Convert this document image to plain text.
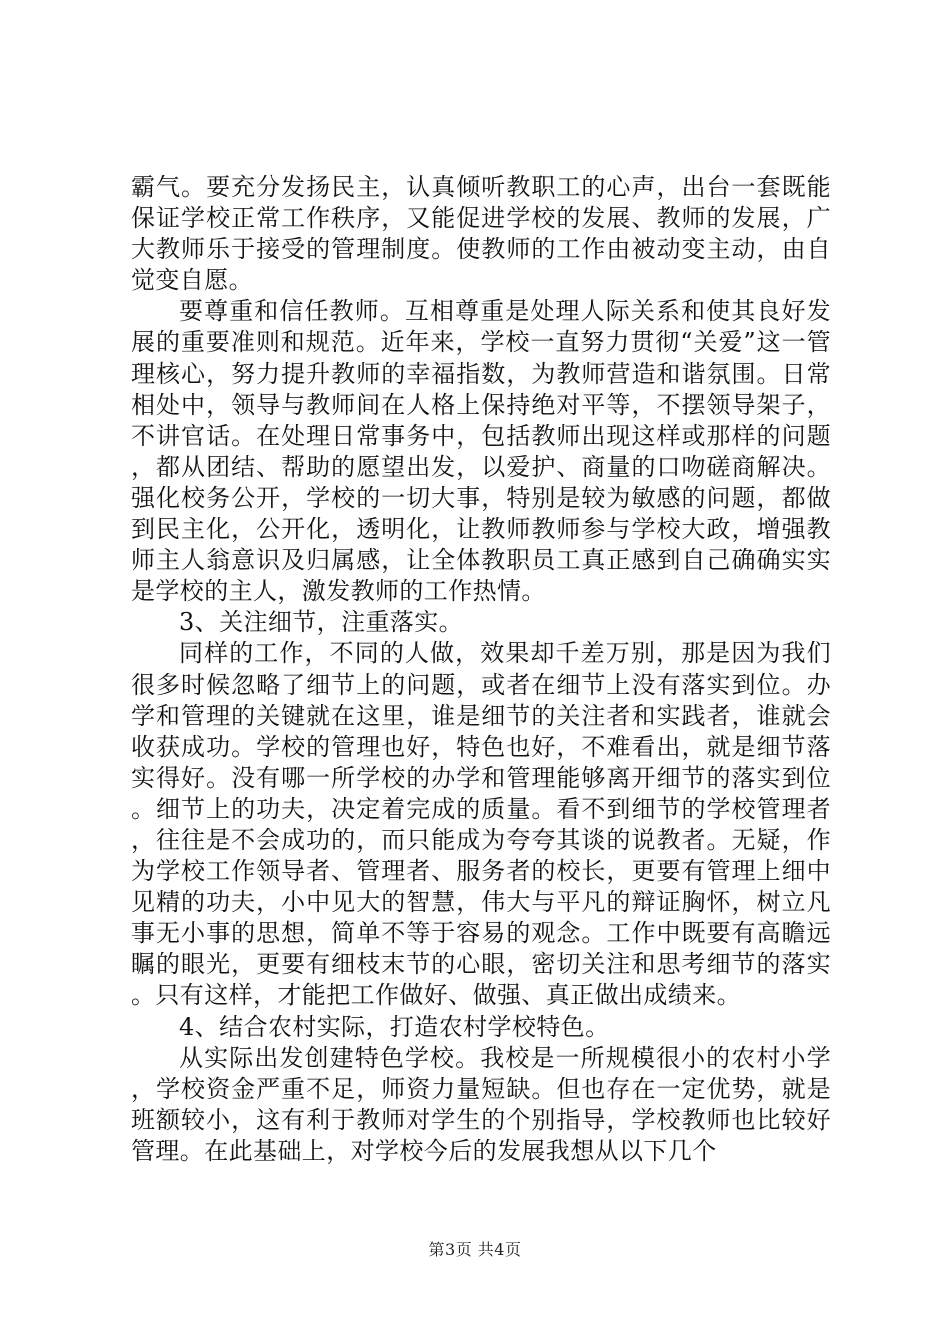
霸气。要充分发扬民主，认真倾听教职工的心声，出台一套既能保证学校正常工作秩序，又能促进学校的发展、教师的发展，广大教师乐于接受的管理制度。使教师的工作由被动变主动，由自觉变自愿。

要尊重和信任教师。互相尊重是处理人际关系和使其良好发展的重要准则和规范。近年来，学校一直努力贯彻“关爱”这一管理核心，努力提升教师的幸福指数，为教师营造和谐氛围。日常相处中，领导与教师间在人格上保持绝对平等，不摆领导架子，不讲官话。在处理日常事务中，包括教师出现这样或那样的问题，都从团结、帮助的愿望出发，以爱护、商量的口吻磋商解决。强化校务公开，学校的一切大事，特别是较为敏感的问题，都做到民主化，公开化，透明化，让教师教师参与学校大政，增强教师主人翁意识及归属感，让全体教职员工真正感到自己确确实实是学校的主人，激发教师的工作热情。

3、关注细节，注重落实。

同样的工作，不同的人做，效果却千差万别，那是因为我们很多时候忽略了细节上的问题，或者在细节上没有落实到位。办学和管理的关键就在这里，谁是细节的关注者和实践者，谁就会收获成功。学校的管理也好，特色也好，不难看出，就是细节落实得好。没有哪一所学校的办学和管理能够离开细节的落实到位。细节上的功夫，决定着完成的质量。看不到细节的学校管理者，往往是不会成功的，而只能成为夸夸其谈的说教者。无疑，作为学校工作领导者、管理者、服务者的校长，更要有管理上细中见精的功夫，小中见大的智慧，伟大与平凡的辩证胸怀，树立凡事无小事的思想，简单不等于容易的观念。工作中既要有高瞻远瞩的眼光，更要有细枝末节的心眼，密切关注和思考细节的落实。只有这样，才能把工作做好、做强、真正做出成绩来。

4、结合农村实际，打造农村学校特色。

从实际出发创建特色学校。我校是一所规模很小的农村小学，学校资金严重不足，师资力量短缺。但也存在一定优势，就是班额较小，这有利于教师对学生的个别指导，学校教师也比较好管理。在此基础上，对学校今后的发展我想从以下几个

第3页 共4页
